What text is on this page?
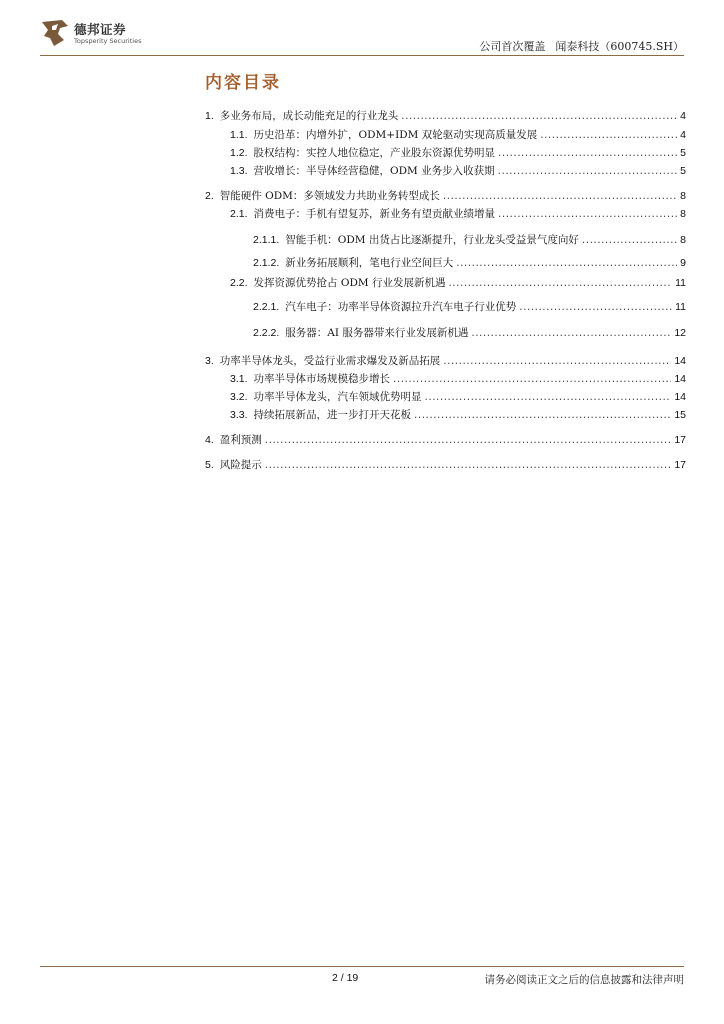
德邦证券
Topsperity Securities	公司首次覆盖 闻泰科技（600745.SH）
内容目录
1. 多业务布局，成长动能充足的行业龙头 .....	4
1.1. 历史沿革：内增外扩，ODM+IDM 双轮驱动实现高质量发展 .....	4
1.2. 股权结构：实控人地位稳定，产业股东资源优势明显 .....	5
1.3. 营收增长：半导体经营稳健，ODM 业务步入收获期 .....	5
2. 智能硬件 ODM：多领域发力共助业务转型成长 .....	8
2.1. 消费电子：手机有望复苏，新业务有望贡献业绩增量 .....	8
2.1.1. 智能手机：ODM 出货占比逐渐提升，行业龙头受益景气度向好 .....	8
2.1.2. 新业务拓展顺利，笔电行业空间巨大 .....	9
2.2. 发挥资源优势抢占 ODM 行业发展新机遇 .....	11
2.2.1. 汽车电子：功率半导体资源拉升汽车电子行业优势 .....	11
2.2.2. 服务器：AI 服务器带来行业发展新机遇 .....	12
3. 功率半导体龙头，受益行业需求爆发及新品拓展 .....	14
3.1. 功率半导体市场规模稳步增长 .....	14
3.2. 功率半导体龙头，汽车领域优势明显 .....	14
3.3. 持续拓展新品，进一步打开天花板 .....	15
4. 盈利预测 .....	17
5. 风险提示 .....	17
2 / 19	请务必阅读正文之后的信息披露和法律声明
